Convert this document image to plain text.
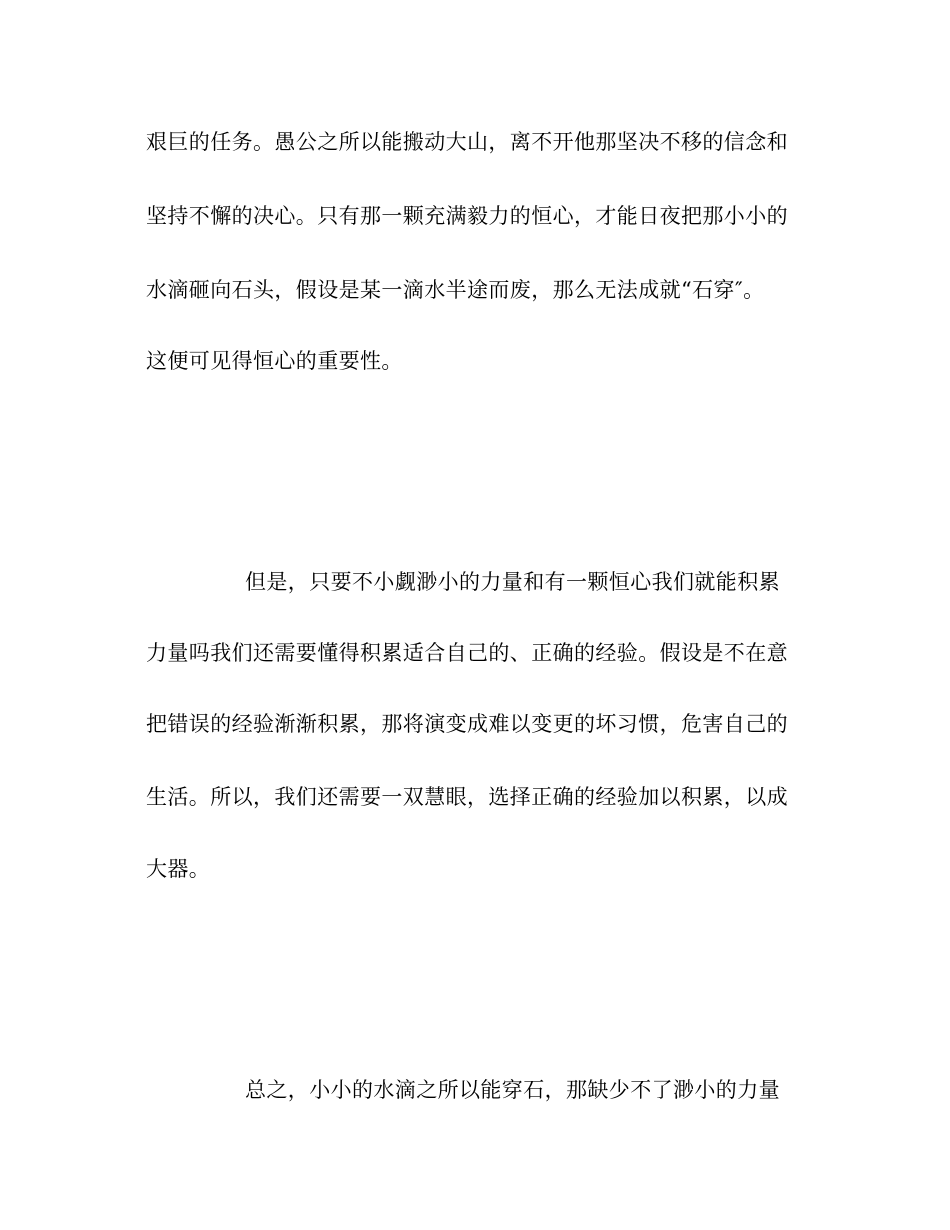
艰巨的任务。愚公之所以能搬动大山，离不开他那坚决不移的信念和
坚持不懈的决心。只有那一颗充满毅力的恒心，才能日夜把那小小的
水滴砸向石头，假设是某一滴水半途而废，那么无法成就“石穿″。
这便可见得恒心的重要性。
但是，只要不小觑渺小的力量和有一颗恒心我们就能积累
力量吗我们还需要懂得积累适合自己的、正确的经验。假设是不在意
把错误的经验渐渐积累，那将演变成难以变更的坏习惯，危害自己的
生活。所以，我们还需要一双慧眼，选择正确的经验加以积累，以成
大器。
总之，小小的水滴之所以能穿石，那缺少不了渺小的力量
